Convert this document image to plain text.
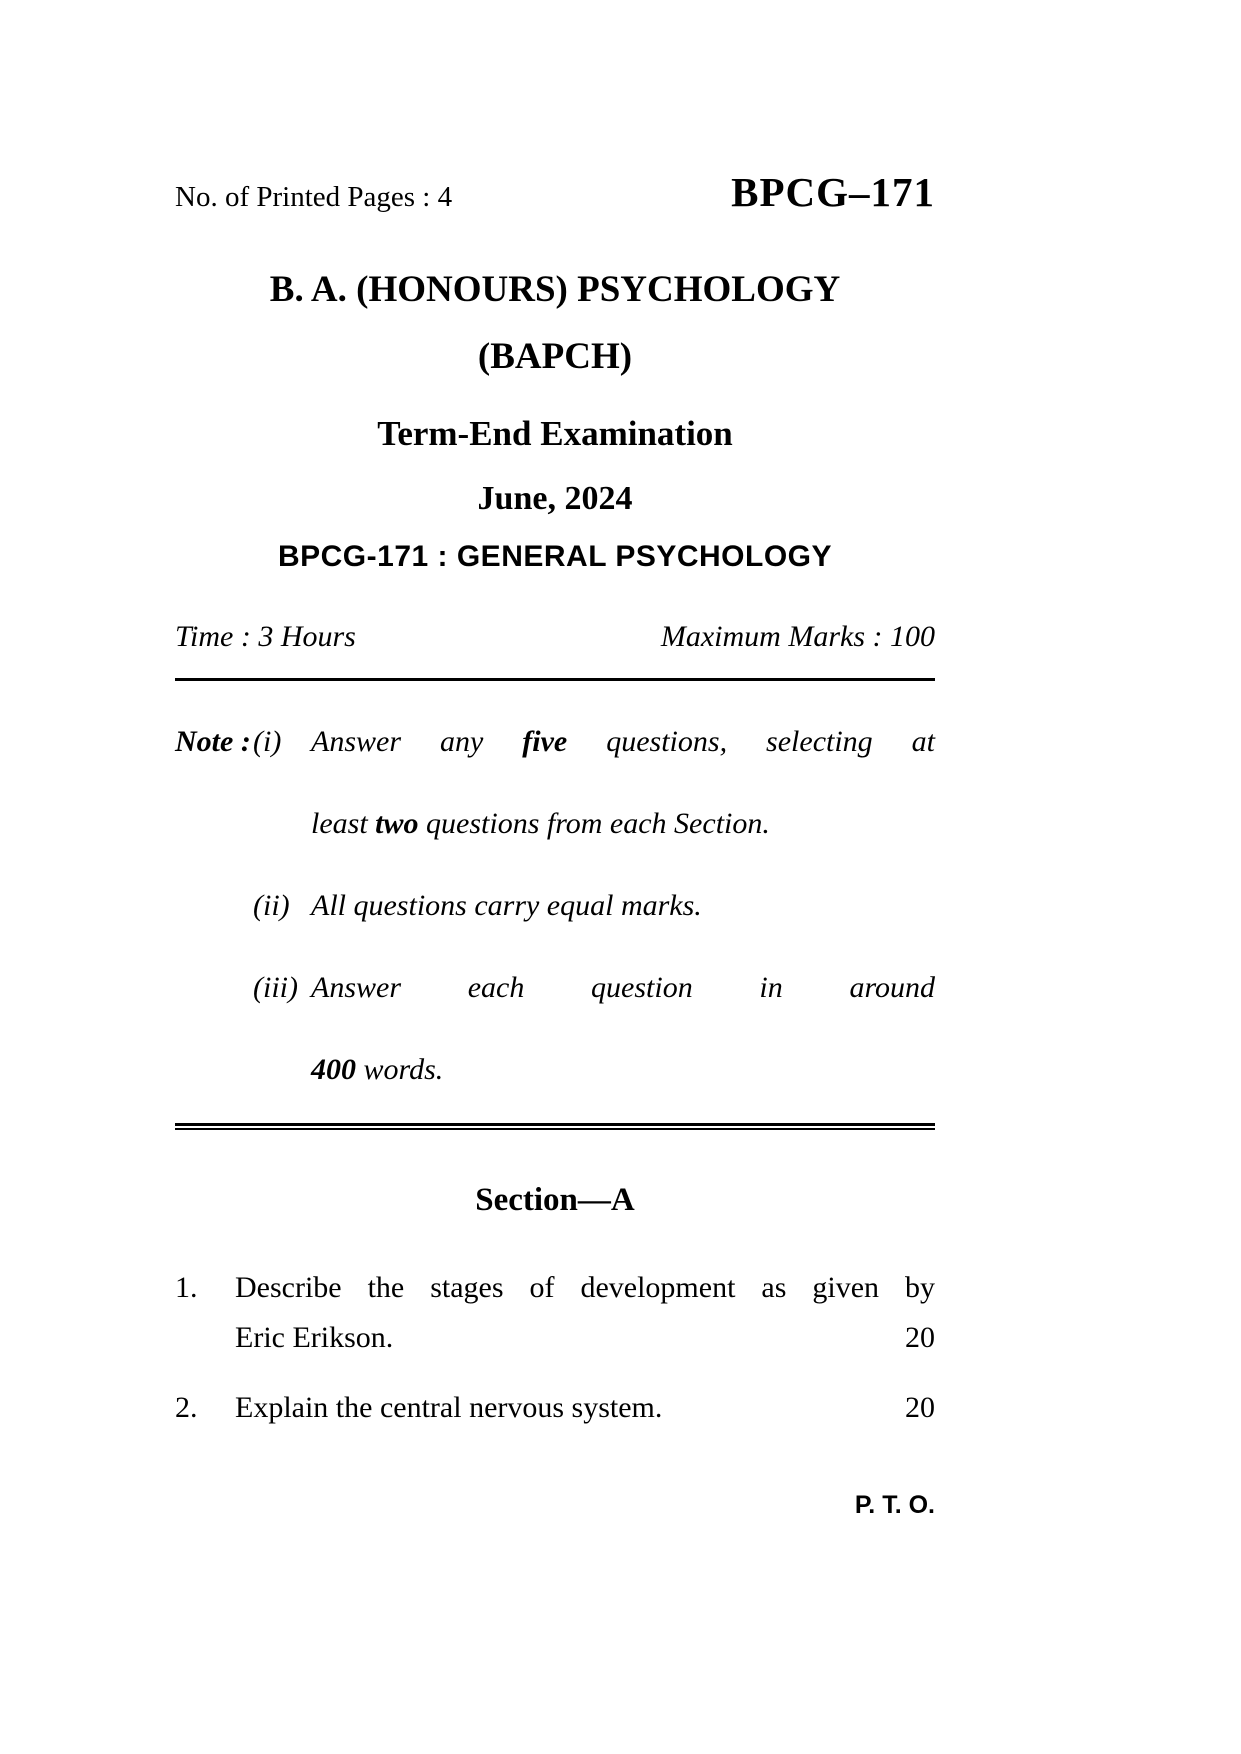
No. of Printed Pages : 4	BPCG–171
B. A. (HONOURS) PSYCHOLOGY
(BAPCH)
Term-End Examination
June, 2024
BPCG-171 : GENERAL PSYCHOLOGY
Time : 3 Hours	Maximum Marks : 100
Note : (i) Answer any five questions, selecting at
least two questions from each Section.
(ii) All questions carry equal marks.
(iii) Answer each question in around
400 words.
Section—A
1.	Describe the stages of development as given by
Eric Erikson.	20
2.	Explain the central nervous system.	20
P. T. O.
